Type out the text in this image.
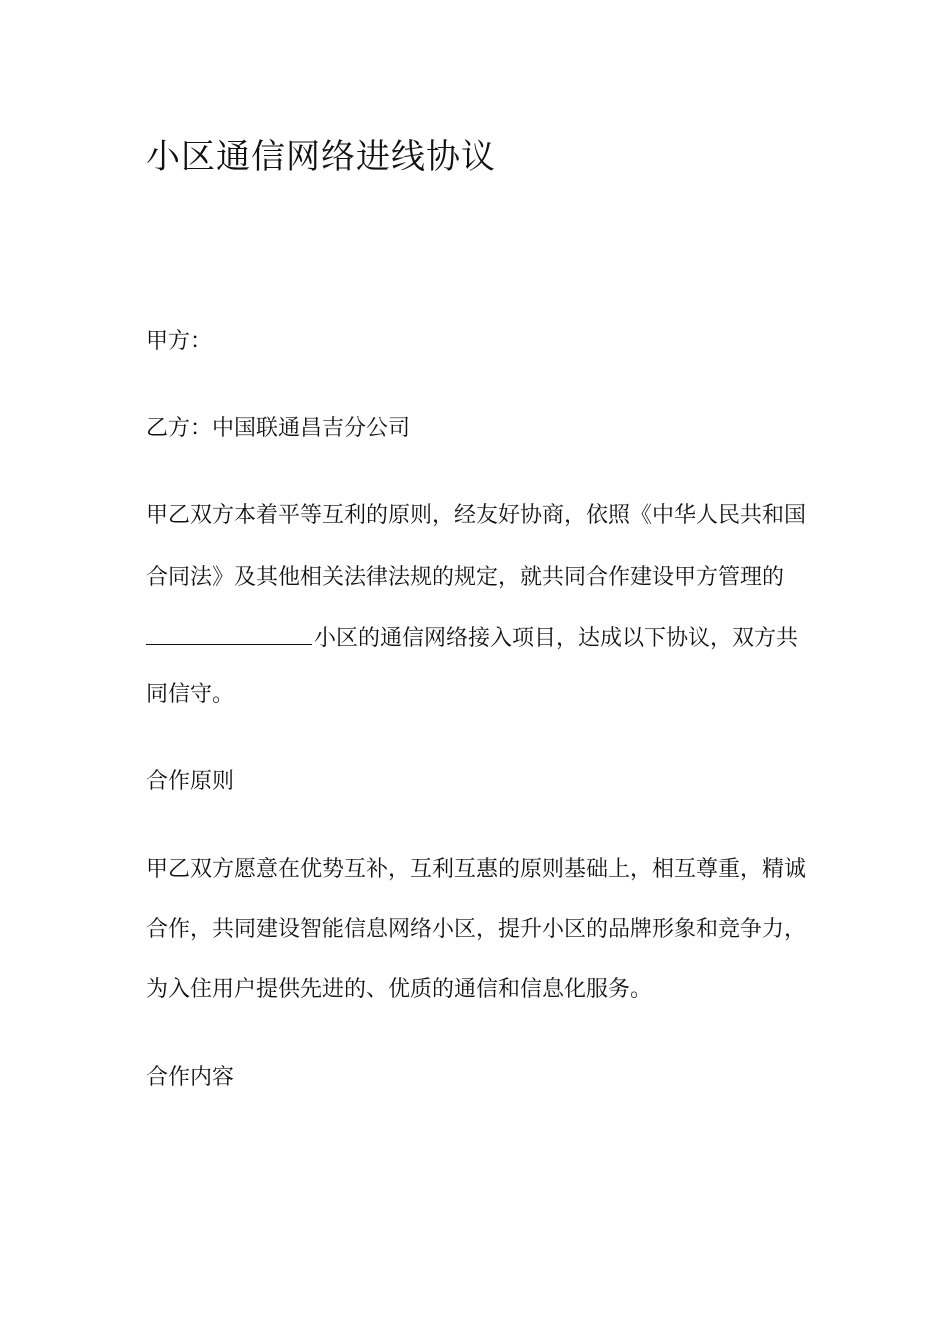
小区通信网络进线协议

甲方：

乙方：中国联通昌吉分公司

甲乙双方本着平等互利的原则，经友好协商，依照《中华人民共和国

合同法》及其他相关法律法规的规定，就共同合作建设甲方管理的

小区的通信网络接入项目，达成以下协议，双方共

同信守。

合作原则

甲乙双方愿意在优势互补，互利互惠的原则基础上，相互尊重，精诚

合作，共同建设智能信息网络小区，提升小区的品牌形象和竞争力，

为入住用户提供先进的、优质的通信和信息化服务。

合作内容
